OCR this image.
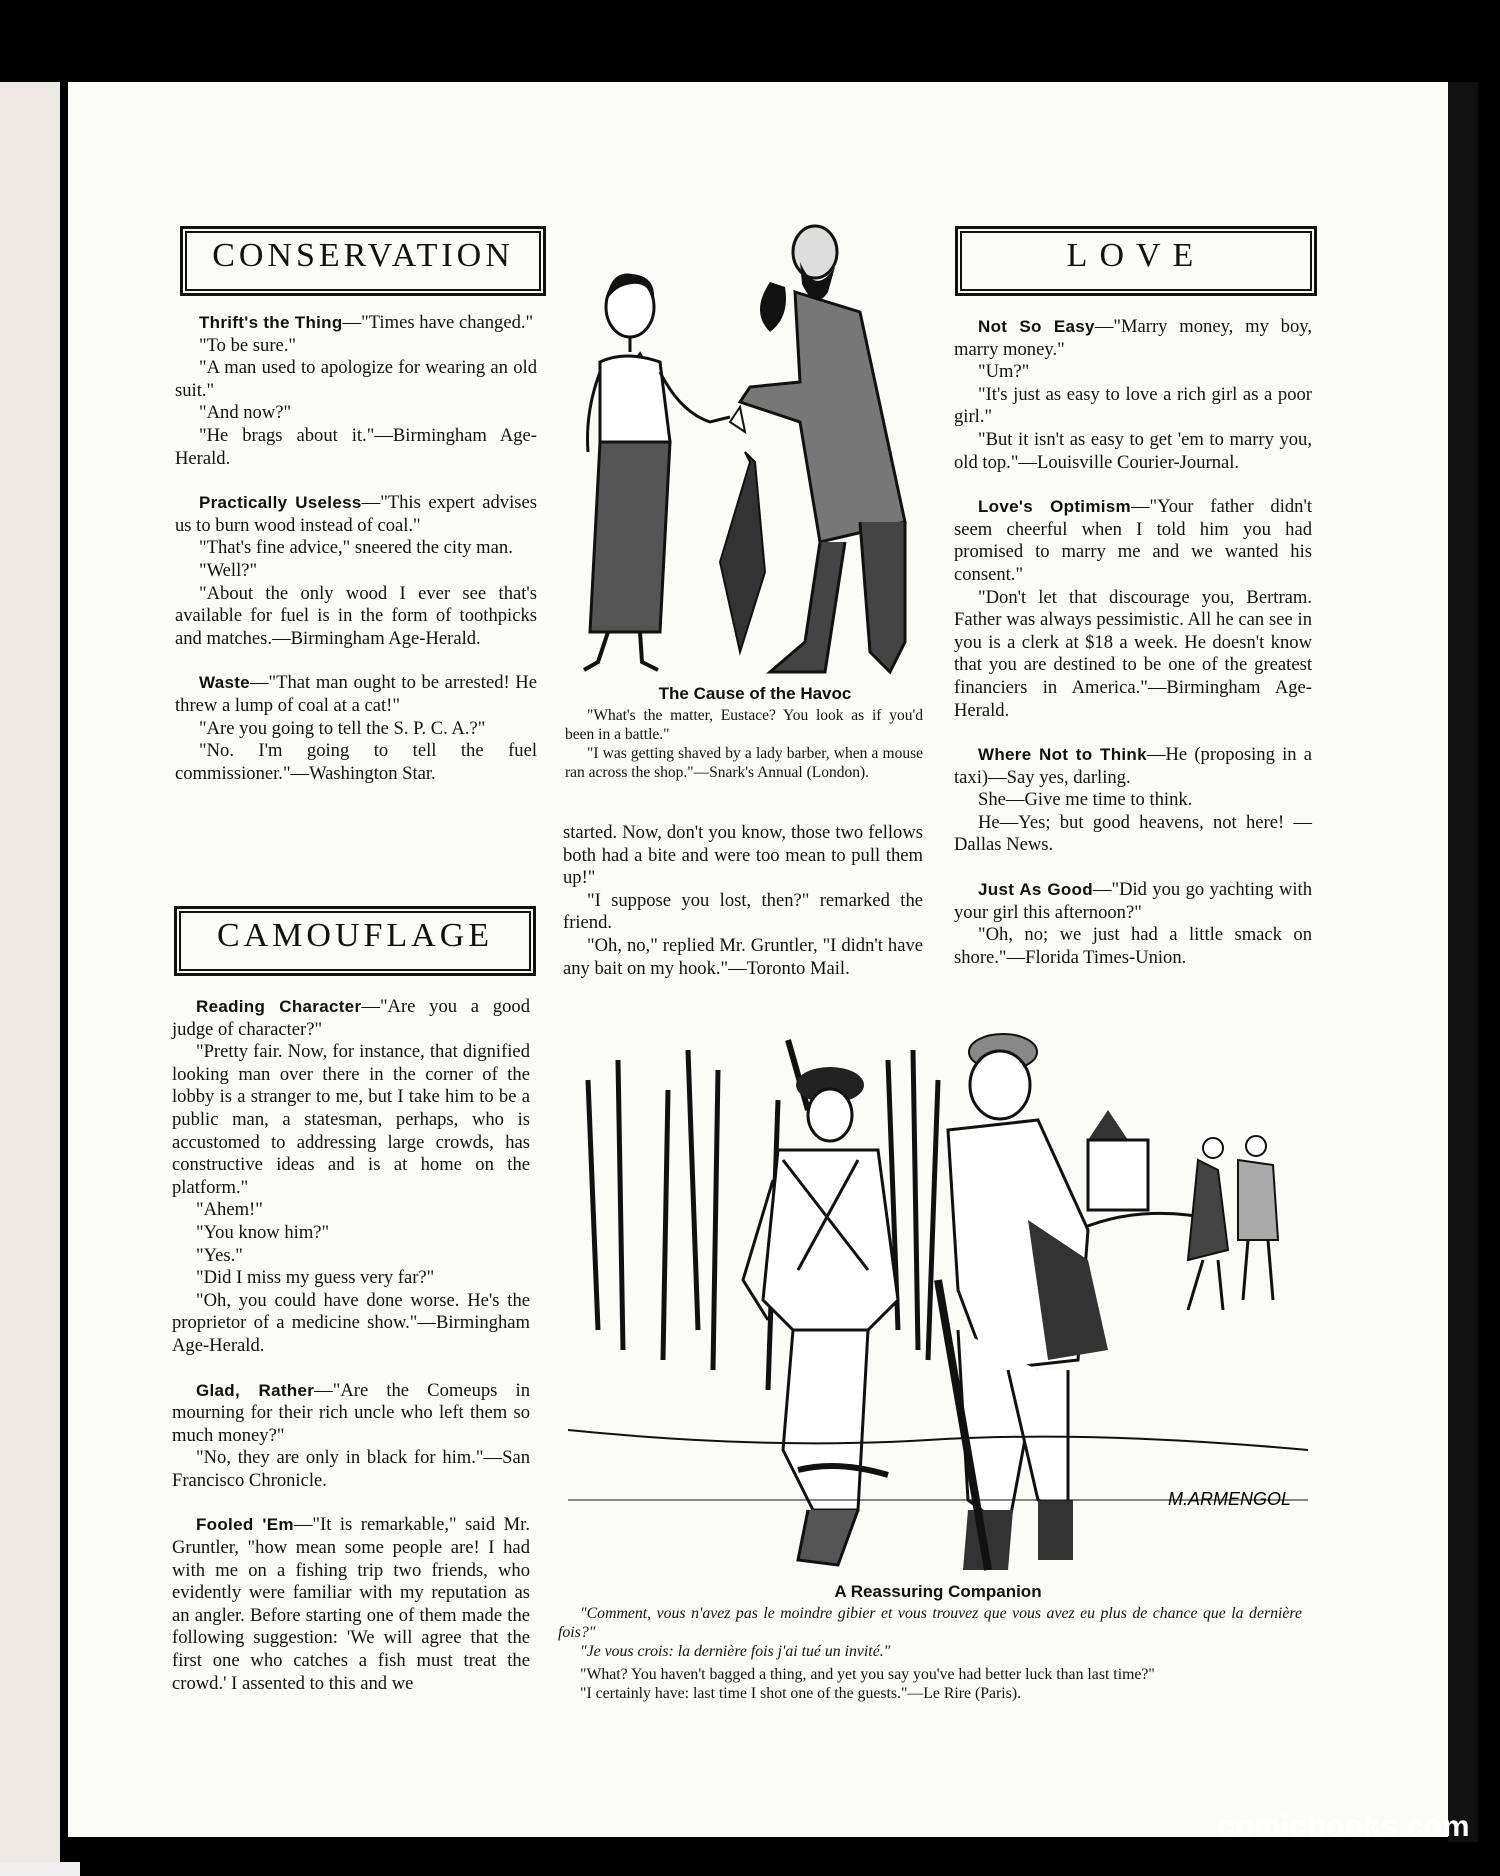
CONSERVATION

Thrift's the Thing—"Times have changed."

"To be sure."

"A man used to apologize for wearing an old suit."

"And now?"

"He brags about it."—Birmingham Age-Herald.

Practically Useless—"This expert advises us to burn wood instead of coal."

"That's fine advice," sneered the city man.

"Well?"

"About the only wood I ever see that's available for fuel is in the form of toothpicks and matches.—Birmingham Age-Herald.

Waste—"That man ought to be arrested! He threw a lump of coal at a cat!"

"Are you going to tell the S. P. C. A.?"

"No. I'm going to tell the fuel commissioner."—Washington Star.

CAMOUFLAGE

Reading Character—"Are you a good judge of character?"

"Pretty fair. Now, for instance, that dignified looking man over there in the corner of the lobby is a stranger to me, but I take him to be a public man, a statesman, perhaps, who is accustomed to addressing large crowds, has constructive ideas and is at home on the platform."

"Ahem!"

"You know him?"

"Yes."

"Did I miss my guess very far?"

"Oh, you could have done worse. He's the proprietor of a medicine show."—Birmingham Age-Herald.

Glad, Rather—"Are the Comeups in mourning for their rich uncle who left them so much money?"

"No, they are only in black for him."—San Francisco Chronicle.

Fooled 'Em—"It is remarkable," said Mr. Gruntler, "how mean some people are! I had with me on a fishing trip two friends, who evidently were familiar with my reputation as an angler. Before starting one of them made the following suggestion: 'We will agree that the first one who catches a fish must treat the crowd.' I assented to this and we

The Cause of the Havoc

"What's the matter, Eustace? You look as if you'd been in a battle."

"I was getting shaved by a lady barber, when a mouse ran across the shop."—Snark's Annual (London).

started. Now, don't you know, those two fellows both had a bite and were too mean to pull them up!"

"I suppose you lost, then?" remarked the friend.

"Oh, no," replied Mr. Gruntler, "I didn't have any bait on my hook."—Toronto Mail.

LOVE

Not So Easy—"Marry money, my boy, marry money."

"Um?"

"It's just as easy to love a rich girl as a poor girl."

"But it isn't as easy to get 'em to marry you, old top."—Louisville Courier-Journal.

Love's Optimism—"Your father didn't seem cheerful when I told him you had promised to marry me and we wanted his consent."

"Don't let that discourage you, Bertram. Father was always pessimistic. All he can see in you is a clerk at $18 a week. He doesn't know that you are destined to be one of the greatest financiers in America."—Birmingham Age-Herald.

Where Not to Think—He (proposing in a taxi)—Say yes, darling.

She—Give me time to think.

He—Yes; but good heavens, not here! —Dallas News.

Just As Good—"Did you go yachting with your girl this afternoon?"

"Oh, no; we just had a little smack on shore."—Florida Times-Union.

M.ARMENGOL
A Reassuring Companion

"Comment, vous n'avez pas le moindre gibier et vous trouvez que vous avez eu plus de chance que la dernière fois?"

"Je vous crois: la dernière fois j'ai tué un invité."

"What? You haven't bagged a thing, and yet you say you've had better luck than last time?"

"I certainly have: last time I shot one of the guests."—Le Rire (Paris).

comicbooks.com
